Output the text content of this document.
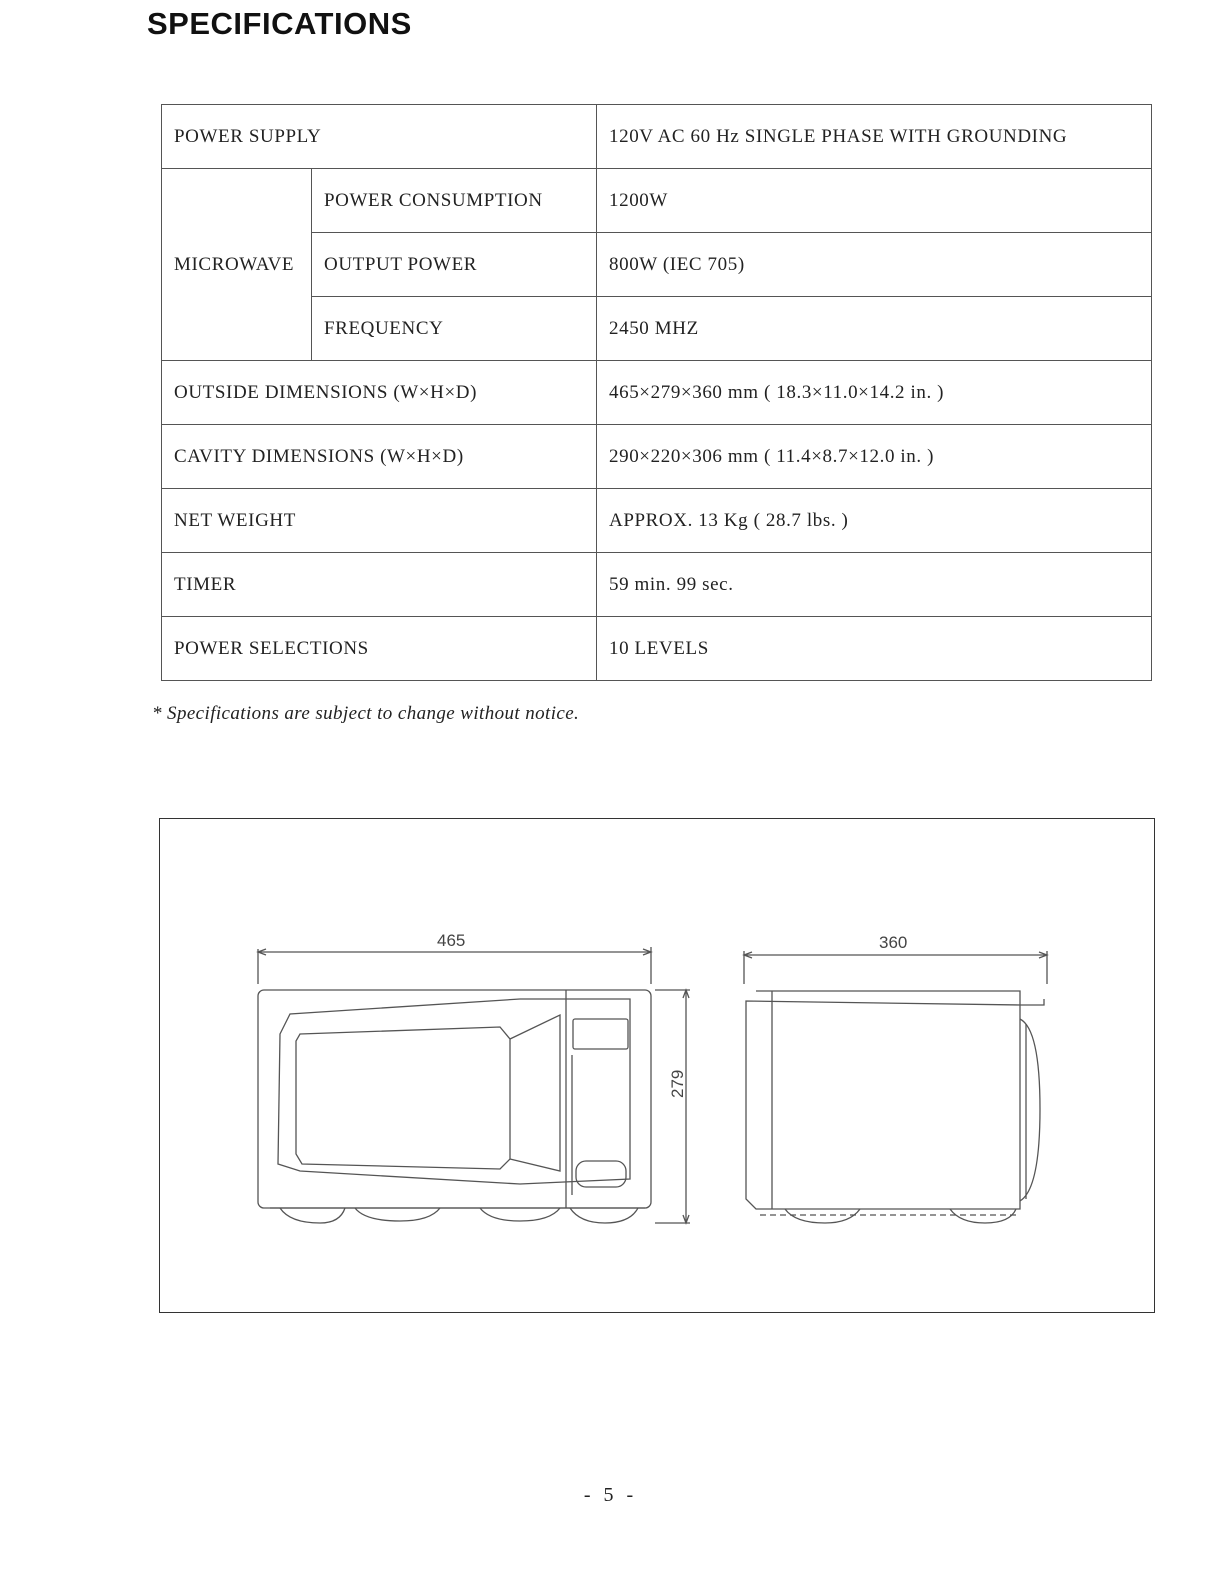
SPECIFICATIONS
POWER SUPPLY		120V AC 60 Hz SINGLE PHASE WITH GROUNDING
MICROWAVE	POWER CONSUMPTION	1200W
	OUTPUT POWER	800W (IEC 705)
	FREQUENCY	2450 MHZ
OUTSIDE DIMENSIONS (W×H×D)		465×279×360 mm ( 18.3×11.0×14.2 in. )
CAVITY DIMENSIONS (W×H×D)		290×220×306 mm ( 11.4×8.7×12.0 in. )
NET WEIGHT		APPROX. 13 Kg ( 28.7 lbs. )
TIMER		59 min. 99 sec.
POWER SELECTIONS		10 LEVELS

* Specifications are subject to change without notice.

465
279
360
- 5 -
